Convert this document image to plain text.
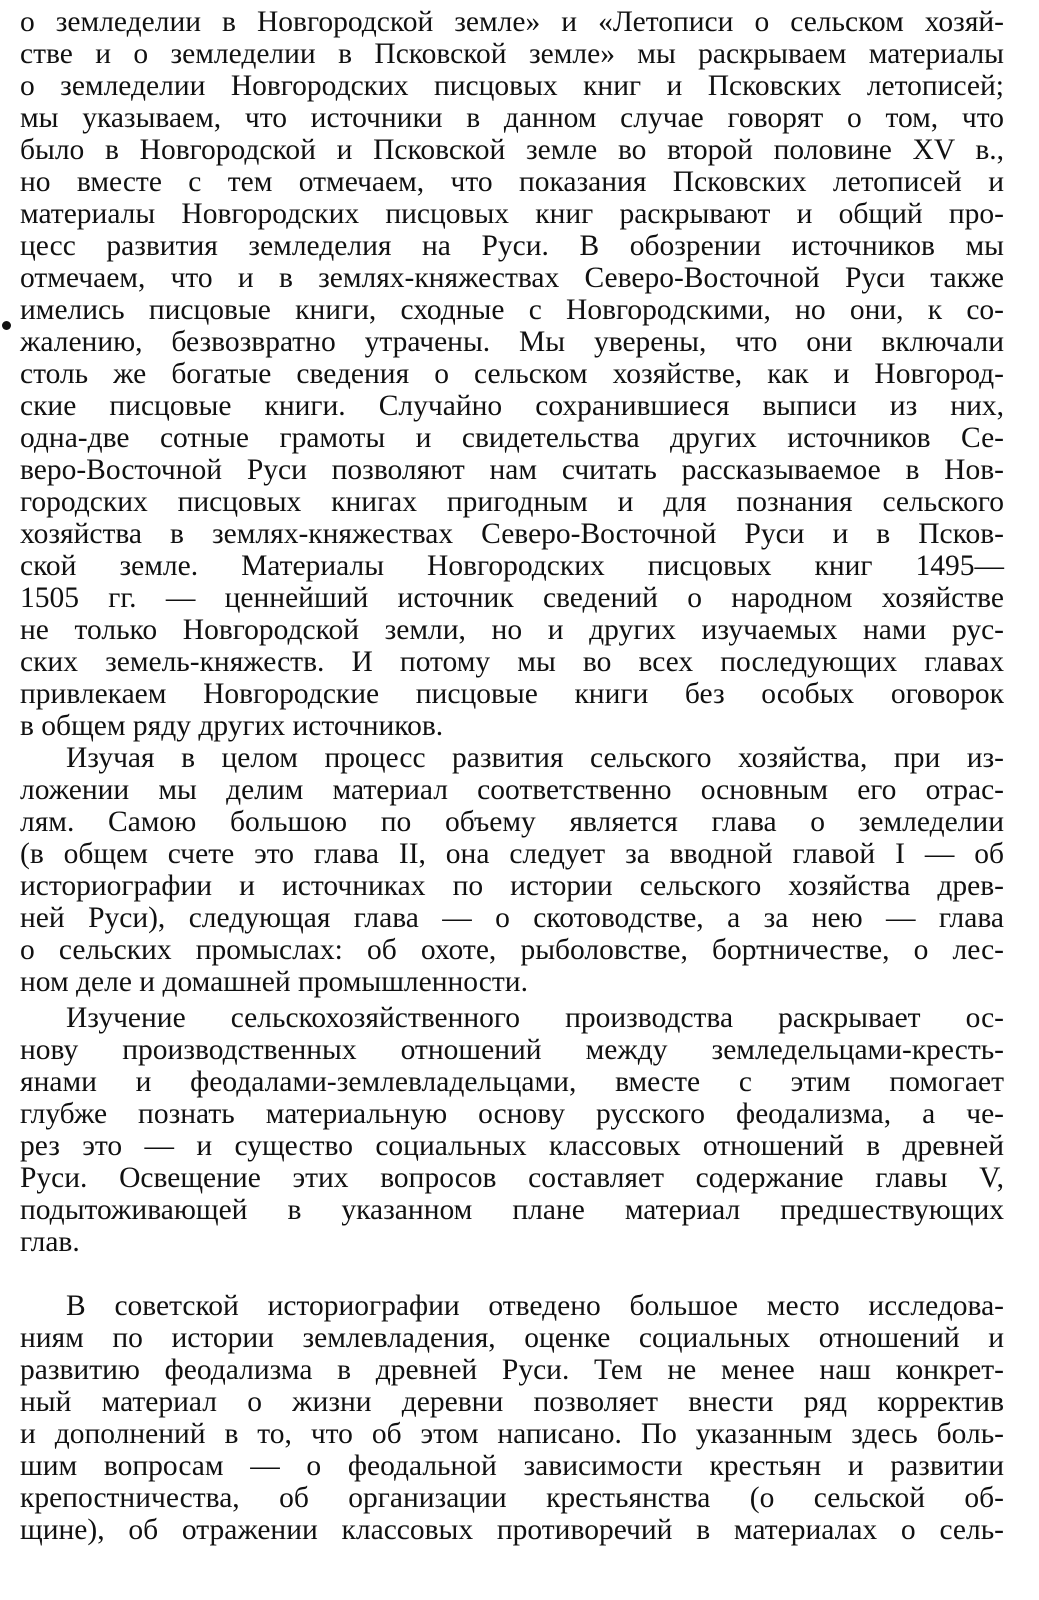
о земледелии в Новгородской земле» и «Летописи о сельском хозяй-
стве и о земледелии в Псковской земле» мы раскрываем материалы
о земледелии Новгородских писцовых книг и Псковских летописей;
мы указываем, что источники в данном случае говорят о том, что
было в Новгородской и Псковской земле во второй половине XV в.,
но вместе с тем отмечаем, что показания Псковских летописей и
материалы Новгородских писцовых книг раскрывают и общий про-
цесс развития земледелия на Руси. В обозрении источников мы
отмечаем, что и в землях-княжествах Северо-Восточной Руси также
имелись писцовые книги, сходные с Новгородскими, но они, к со-
жалению, безвозвратно утрачены. Мы уверены, что они включали
столь же богатые сведения о сельском хозяйстве, как и Новгород-
ские писцовые книги. Случайно сохранившиеся выписи из них,
одна-две сотные грамоты и свидетельства других источников Се-
веро-Восточной Руси позволяют нам считать рассказываемое в Нов-
городских писцовых книгах пригодным и для познания сельского
хозяйства в землях-княжествах Северо-Восточной Руси и в Псков-
ской земле. Материалы Новгородских писцовых книг 1495—
1505 гг. — ценнейший источник сведений о народном хозяйстве
не только Новгородской земли, но и других изучаемых нами рус-
ских земель-княжеств. И потому мы во всех последующих главах
привлекаем Новгородские писцовые книги без особых оговорок
в общем ряду других источников.
Изучая в целом процесс развития сельского хозяйства, при из-
ложении мы делим материал соответственно основным его отрас-
лям. Самою большою по объему является глава о земледелии
(в общем счете это глава II, она следует за вводной главой I — об
историографии и источниках по истории сельского хозяйства древ-
ней Руси), следующая глава — о скотоводстве, а за нею — глава
о сельских промыслах: об охоте, рыболовстве, бортничестве, о лес-
ном деле и домашней промышленности.
Изучение сельскохозяйственного производства раскрывает ос-
нову производственных отношений между земледельцами-кресть-
янами и феодалами-землевладельцами, вместе с этим помогает
глубже познать материальную основу русского феодализма, а че-
рез это — и существо социальных классовых отношений в древней
Руси. Освещение этих вопросов составляет содержание главы V,
подытоживающей в указанном плане материал предшествующих
глав.
В советской историографии отведено большое место исследова-
ниям по истории землевладения, оценке социальных отношений и
развитию феодализма в древней Руси. Тем не менее наш конкрет-
ный материал о жизни деревни позволяет внести ряд корректив
и дополнений в то, что об этом написано. По указанным здесь боль-
шим вопросам — о феодальной зависимости крестьян и развитии
крепостничества, об организации крестьянства (о сельской об-
щине), об отражении классовых противоречий в материалах о сель-
